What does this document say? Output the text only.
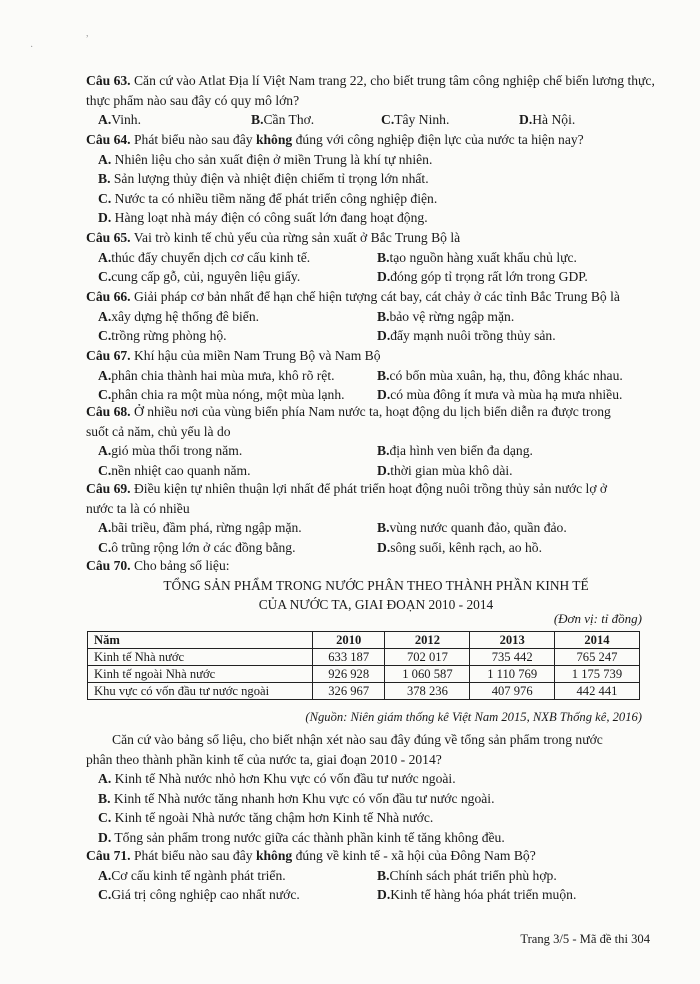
·
,
Câu 63. Căn cứ vào Atlat Địa lí Việt Nam trang 22, cho biết trung tâm công nghiệp chế biến lương thực,
thực phẩm nào sau đây có quy mô lớn?
A. Vinh.	B. Cần Thơ.	C. Tây Ninh.	D. Hà Nội.
Câu 64. Phát biểu nào sau đây không đúng với công nghiệp điện lực của nước ta hiện nay?
A. Nhiên liệu cho sản xuất điện ở miền Trung là khí tự nhiên.
B. Sản lượng thủy điện và nhiệt điện chiếm tỉ trọng lớn nhất.
C. Nước ta có nhiều tiềm năng để phát triển công nghiệp điện.
D. Hàng loạt nhà máy điện có công suất lớn đang hoạt động.
Câu 65. Vai trò kinh tế chủ yếu của rừng sản xuất ở Bắc Trung Bộ là
A. thúc đẩy chuyển dịch cơ cấu kinh tế.	B. tạo nguồn hàng xuất khẩu chủ lực.
C. cung cấp gỗ, củi, nguyên liệu giấy.	D. đóng góp tỉ trọng rất lớn trong GDP.
Câu 66. Giải pháp cơ bản nhất để hạn chế hiện tượng cát bay, cát chảy ở các tỉnh Bắc Trung Bộ là
A. xây dựng hệ thống đê biển.	B. bảo vệ rừng ngập mặn.
C. trồng rừng phòng hộ.	D. đẩy mạnh nuôi trồng thủy sản.
Câu 67. Khí hậu của miền Nam Trung Bộ và Nam Bộ
A. phân chia thành hai mùa mưa, khô rõ rệt.	B. có bốn mùa xuân, hạ, thu, đông khác nhau.
C. phân chia ra một mùa nóng, một mùa lạnh. D. có mùa đông ít mưa và mùa hạ mưa nhiều.
Câu 68. Ở nhiều nơi của vùng biển phía Nam nước ta, hoạt động du lịch biển diễn ra được trong
suốt cả năm, chủ yếu là do
A. gió mùa thổi trong năm.	B. địa hình ven biển đa dạng.
C. nền nhiệt cao quanh năm.	D. thời gian mùa khô dài.
Câu 69. Điều kiện tự nhiên thuận lợi nhất để phát triển hoạt động nuôi trồng thủy sản nước lợ ở
nước ta là có nhiều
A. bãi triều, đầm phá, rừng ngập mặn.	B. vùng nước quanh đảo, quần đảo.
C. ô trũng rộng lớn ở các đồng bằng.	D. sông suối, kênh rạch, ao hồ.
Câu 70. Cho bảng số liệu:
TỔNG SẢN PHẨM TRONG NƯỚC PHÂN THEO THÀNH PHẦN KINH TẾ
CỦA NƯỚC TA, GIAI ĐOẠN 2010 - 2014
(Đơn vị: tỉ đồng)
Năm	2010	2012	2013	2014
Kinh tế Nhà nước	633 187	702 017	735 442	765 247
Kinh tế ngoài Nhà nước	926 928	1 060 587	1 110 769	1 175 739
Khu vực có vốn đầu tư nước ngoài	326 967	378 236	407 976	442 441
(Nguồn: Niên giám thống kê Việt Nam 2015, NXB Thống kê, 2016)
Căn cứ vào bảng số liệu, cho biết nhận xét nào sau đây đúng về tổng sản phẩm trong nước
phân theo thành phần kinh tế của nước ta, giai đoạn 2010 - 2014?
A. Kinh tế Nhà nước nhỏ hơn Khu vực có vốn đầu tư nước ngoài.
B. Kinh tế Nhà nước tăng nhanh hơn Khu vực có vốn đầu tư nước ngoài.
C. Kinh tế ngoài Nhà nước tăng chậm hơn Kinh tế Nhà nước.
D. Tổng sản phẩm trong nước giữa các thành phần kinh tế tăng không đều.
Câu 71. Phát biểu nào sau đây không đúng về kinh tế - xã hội của Đông Nam Bộ?
A. Cơ cấu kinh tế ngành phát triển.	B. Chính sách phát triển phù hợp.
C. Giá trị công nghiệp cao nhất nước.	D. Kinh tế hàng hóa phát triển muộn.
Trang 3/5 - Mã đề thi 304
